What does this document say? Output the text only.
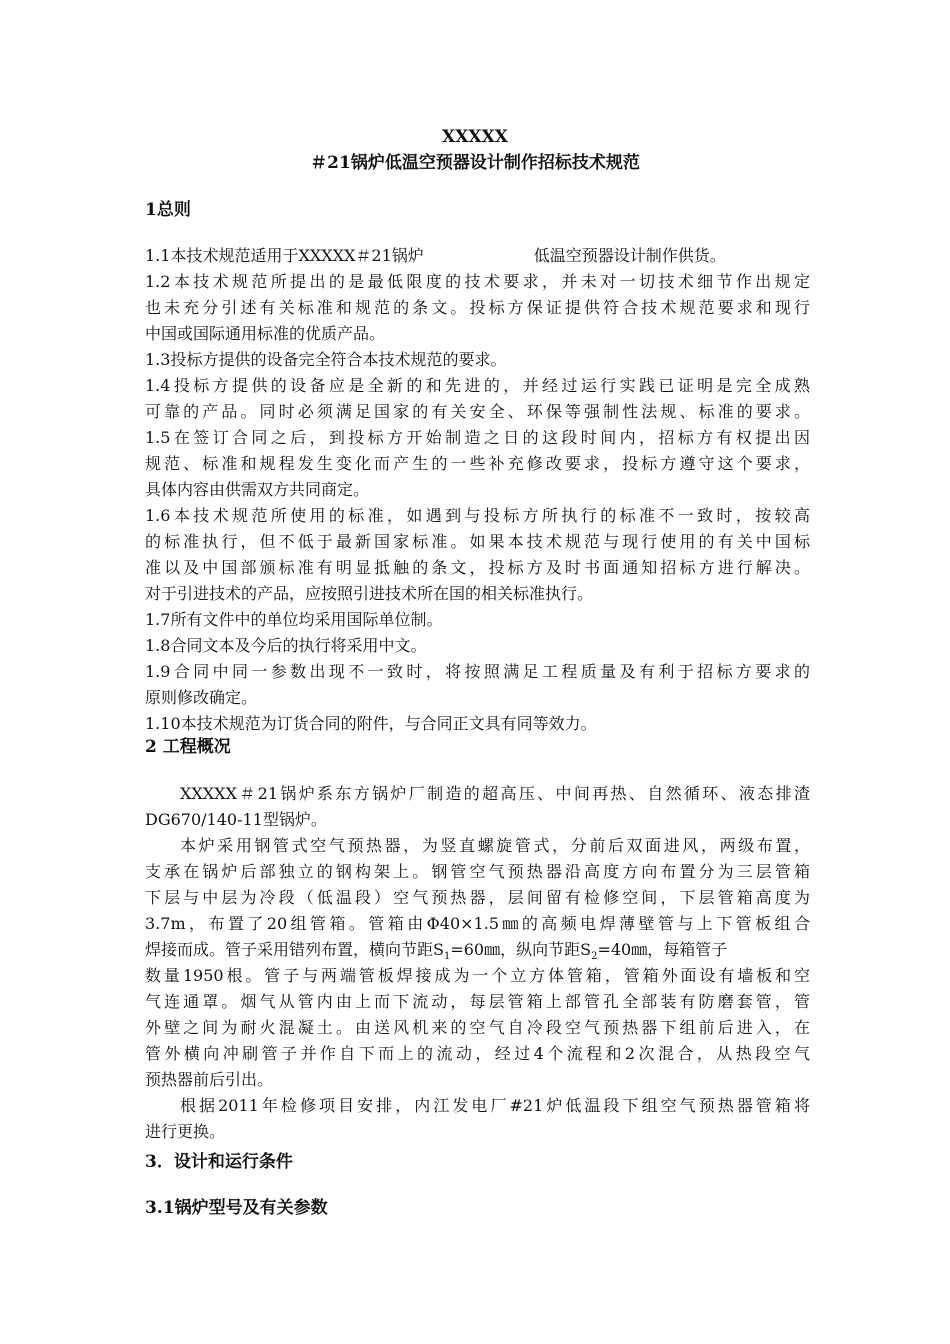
XXXXX
＃21锅炉低温空预器设计制作招标技术规范
1总则
1.1本技术规范适用于XXXXX＃21锅炉	低温空预器设计制作供货。
1.2本技术规范所提出的是最低限度的技术要求，并未对一切技术细节作出规定
也未充分引述有关标准和规范的条文。投标方保证提供符合技术规范要求和现行
中国或国际通用标准的优质产品。
1.3投标方提供的设备完全符合本技术规范的要求。
1.4投标方提供的设备应是全新的和先进的，并经过运行实践已证明是完全成熟
可靠的产品。同时必须满足国家的有关安全、环保等强制性法规、标准的要求。
1.5在签订合同之后，到投标方开始制造之日的这段时间内，招标方有权提出因
规范、标准和规程发生变化而产生的一些补充修改要求，投标方遵守这个要求，
具体内容由供需双方共同商定。
1.6本技术规范所使用的标准，如遇到与投标方所执行的标准不一致时，按较高
的标准执行，但不低于最新国家标准。如果本技术规范与现行使用的有关中国标
准以及中国部颁标准有明显抵触的条文，投标方及时书面通知招标方进行解决。
对于引进技术的产品，应按照引进技术所在国的相关标准执行。
1.7所有文件中的单位均采用国际单位制。
1.8合同文本及今后的执行将采用中文。
1.9合同中同一参数出现不一致时，将按照满足工程质量及有利于招标方要求的
原则修改确定。
1.10本技术规范为订货合同的附件，与合同正文具有同等效力。
2 工程概况
XXXXX＃21锅炉系东方锅炉厂制造的超高压、中间再热、自然循环、液态排渣
DG670/140-11型锅炉。
本炉采用钢管式空气预热器，为竖直螺旋管式，分前后双面进风，两级布置，
支承在锅炉后部独立的钢构架上。钢管空气预热器沿高度方向布置分为三层管箱
下层与中层为冷段（低温段）空气预热器，层间留有检修空间，下层管箱高度为
3.7m，布置了20组管箱。管箱由Φ40×1.5㎜的高频电焊薄壁管与上下管板组合
焊接而成。管子采用错列布置，横向节距$S_1=60㎜$，纵向节距$S_2=40㎜$，每箱管子
数量1950根。管子与两端管板焊接成为一个立方体管箱，管箱外面设有墙板和空
气连通罩。烟气从管内由上而下流动，每层管箱上部管孔全部装有防磨套管，管
外壁之间为耐火混凝土。由送风机来的空气自冷段空气预热器下组前后进入，在
管外横向冲刷管子并作自下而上的流动，经过4个流程和2次混合，从热段空气
预热器前后引出。
根据2011年检修项目安排，内江发电厂#21炉低温段下组空气预热器管箱将
进行更换。
3．设计和运行条件
3.1锅炉型号及有关参数
